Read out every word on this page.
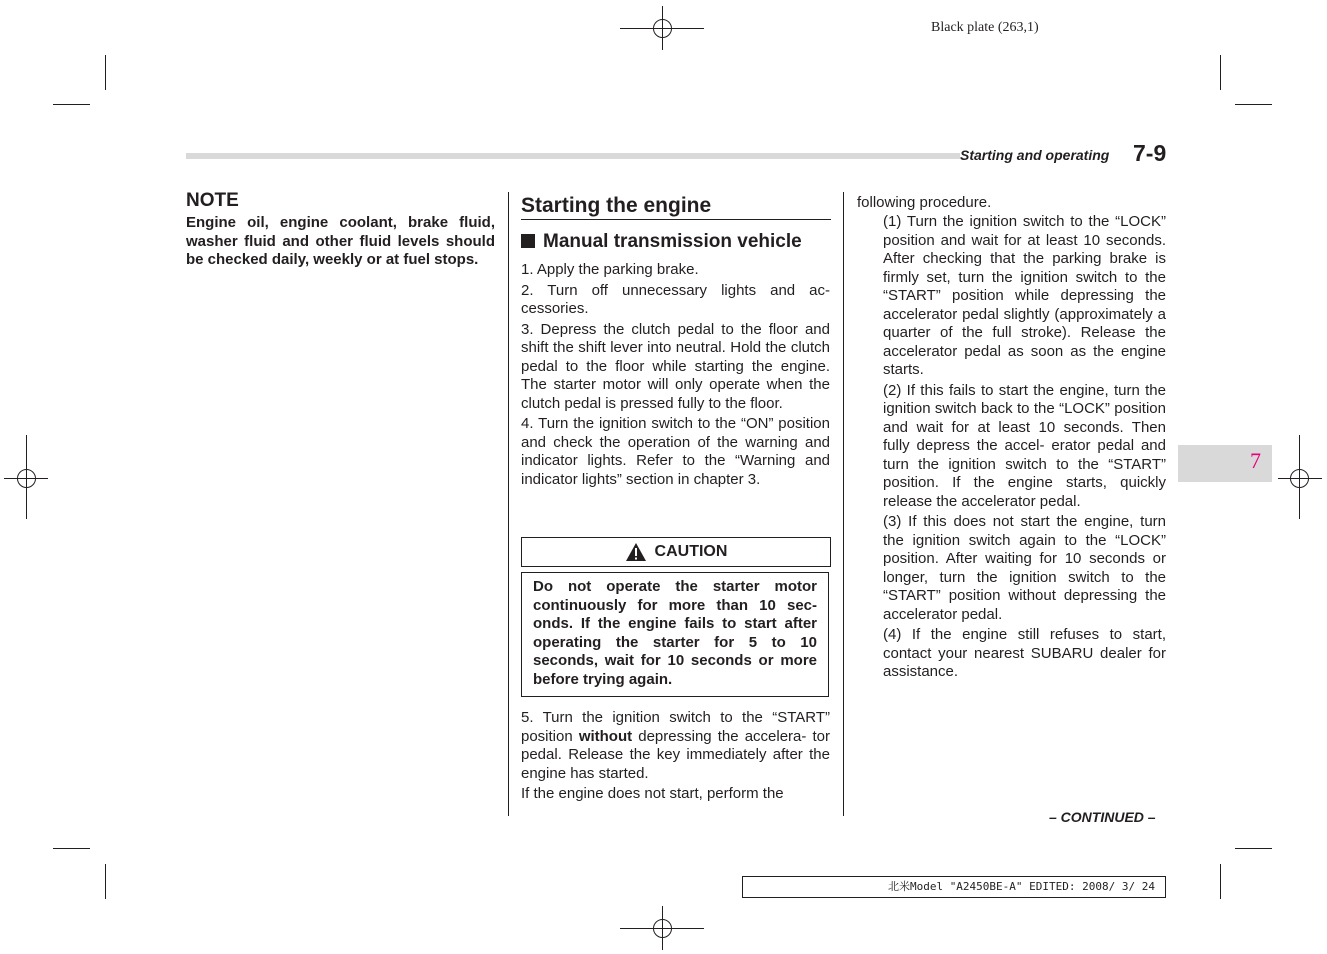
Black plate (263,1)
Starting and operating 7-9
7
NOTE
Engine oil, engine coolant, brake fluid, washer fluid and other fluid levels should be checked daily, weekly or at fuel stops.
Starting the engine
Manual transmission vehicle

1. Apply the parking brake.

2. Turn off unnecessary lights and ac- cessories.

3. Depress the clutch pedal to the floor and shift the shift lever into neutral. Hold the clutch pedal to the floor while starting the engine. The starter motor will only operate when the clutch pedal is pressed fully to the floor.

4. Turn the ignition switch to the “ON” position and check the operation of the warning and indicator lights. Refer to the “Warning and indicator lights” section in chapter 3.

CAUTION
Do not operate the starter motor continuously for more than 10 sec- onds. If the engine fails to start after operating the starter for 5 to 10 seconds, wait for 10 seconds or more before trying again.

5. Turn the ignition switch to the “START” position without depressing the accelera- tor pedal. Release the key immediately after the engine has started.

If the engine does not start, perform the

following procedure.

(1) Turn the ignition switch to the “LOCK” position and wait for at least 10 seconds. After checking that the parking brake is firmly set, turn the ignition switch to the “START” position while depressing the accelerator pedal slightly (approximately a quarter of the full stroke). Release the accelerator pedal as soon as the engine starts.

(2) If this fails to start the engine, turn the ignition switch back to the “LOCK” position and wait for at least 10 seconds. Then fully depress the accel- erator pedal and turn the ignition switch to the “START” position. If the engine starts, quickly release the accelerator pedal.

(3) If this does not start the engine, turn the ignition switch again to the “LOCK” position. After waiting for 10 seconds or longer, turn the ignition switch to the “START” position without depressing the accelerator pedal.

(4) If the engine still refuses to start, contact your nearest SUBARU dealer for assistance.

– CONTINUED –
北米Model "A2450BE-A" EDITED: 2008/ 3/ 24
